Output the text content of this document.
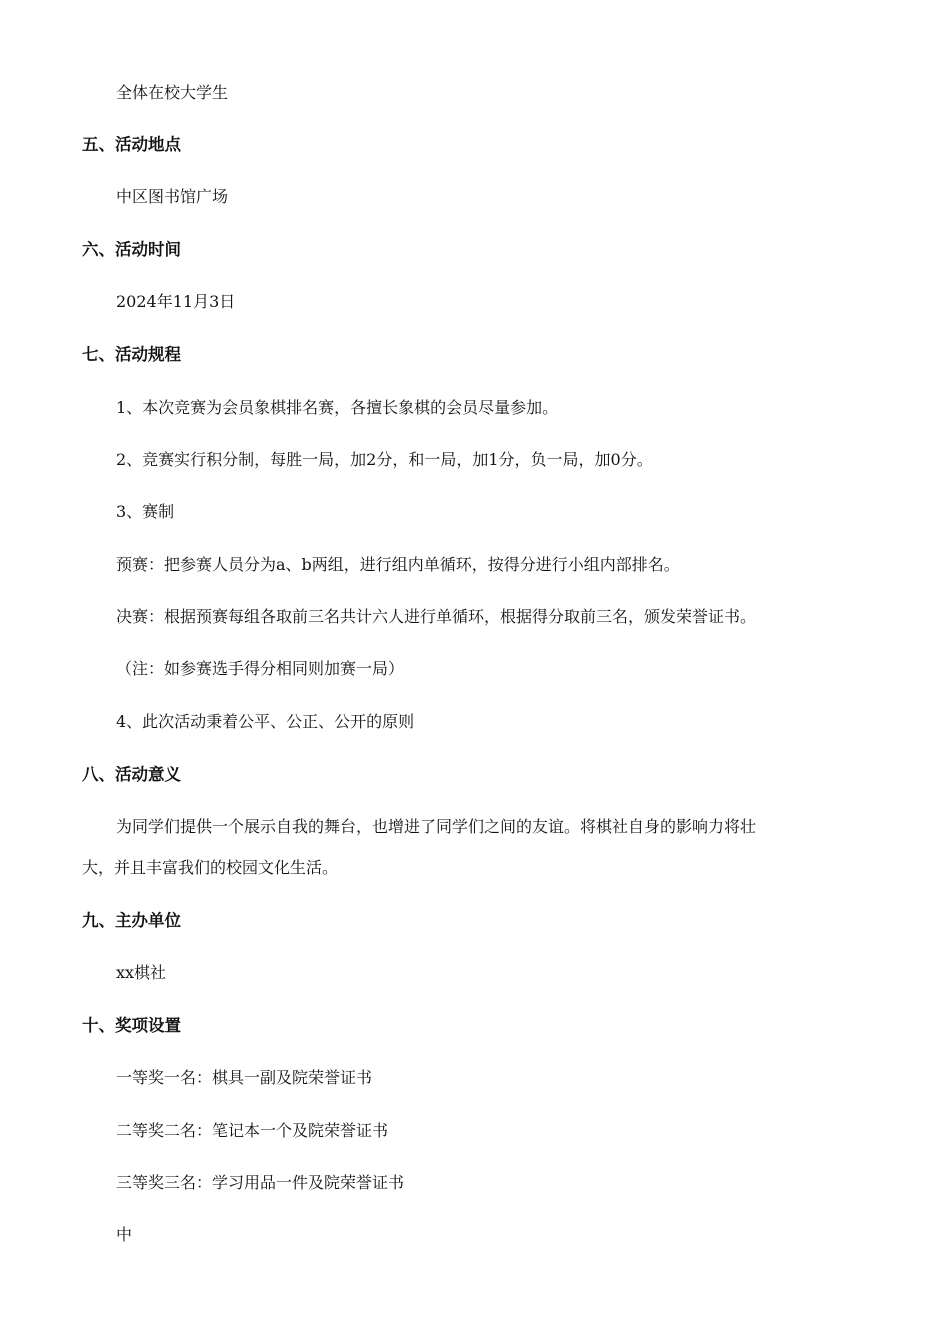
全体在校大学生
五、活动地点
中区图书馆广场
六、活动时间
2024年11月3日
七、活动规程
1、本次竞赛为会员象棋排名赛，各擅长象棋的会员尽量参加。
2、竞赛实行积分制，每胜一局，加2分，和一局，加1分，负一局，加0分。
3、赛制
预赛：把参赛人员分为a、b两组，进行组内单循环，按得分进行小组内部排名。
决赛：根据预赛每组各取前三名共计六人进行单循环，根据得分取前三名，颁发荣誉证书。
（注：如参赛选手得分相同则加赛一局）
4、此次活动秉着公平、公正、公开的原则
八、活动意义
为同学们提供一个展示自我的舞台，也增进了同学们之间的友谊。将棋社自身的影响力将壮
大，并且丰富我们的校园文化生活。
九、主办单位
xx棋社
十、奖项设置
一等奖一名：棋具一副及院荣誉证书
二等奖二名：笔记本一个及院荣誉证书
三等奖三名：学习用品一件及院荣誉证书
中
